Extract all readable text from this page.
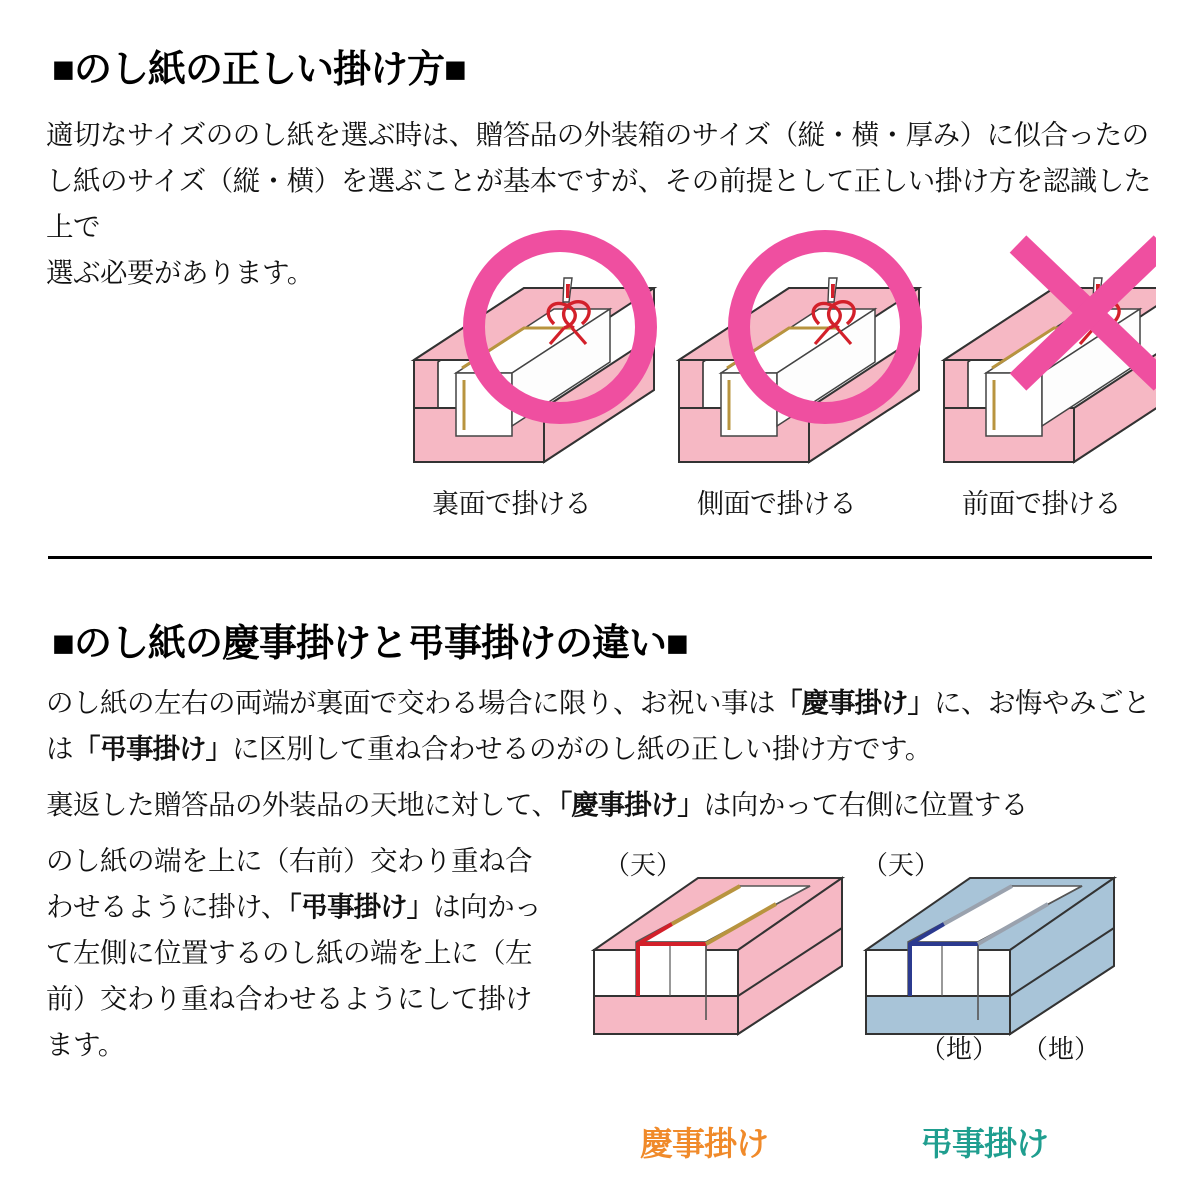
■のし紙の正しい掛け方■
適切なサイズののし紙を選ぶ時は、贈答品の外装箱のサイズ（縦・横・厚み）に似合ったのし紙のサイズ（縦・横）を選ぶことが基本ですが、その前提として正しい掛け方を認識した上で
選ぶ必要があります。
裏面で掛ける	側面で掛ける	前面で掛ける
■のし紙の慶事掛けと弔事掛けの違い■
のし紙の左右の両端が裏面で交わる場合に限り、お祝い事は「慶事掛け」に、お悔やみごとは「弔事掛け」に区別して重ね合わせるのがのし紙の正しい掛け方です。
裏返した贈答品の外装品の天地に対して、「慶事掛け」は向かって右側に位置する
のし紙の端を上に（右前）交わり重ね合わせるように掛け、「弔事掛け」は向かって左側に位置するのし紙の端を上に（左前）交わり重ね合わせるようにして掛けます。
（天）	（天）
（地） （地）
慶事掛け	弔事掛け
